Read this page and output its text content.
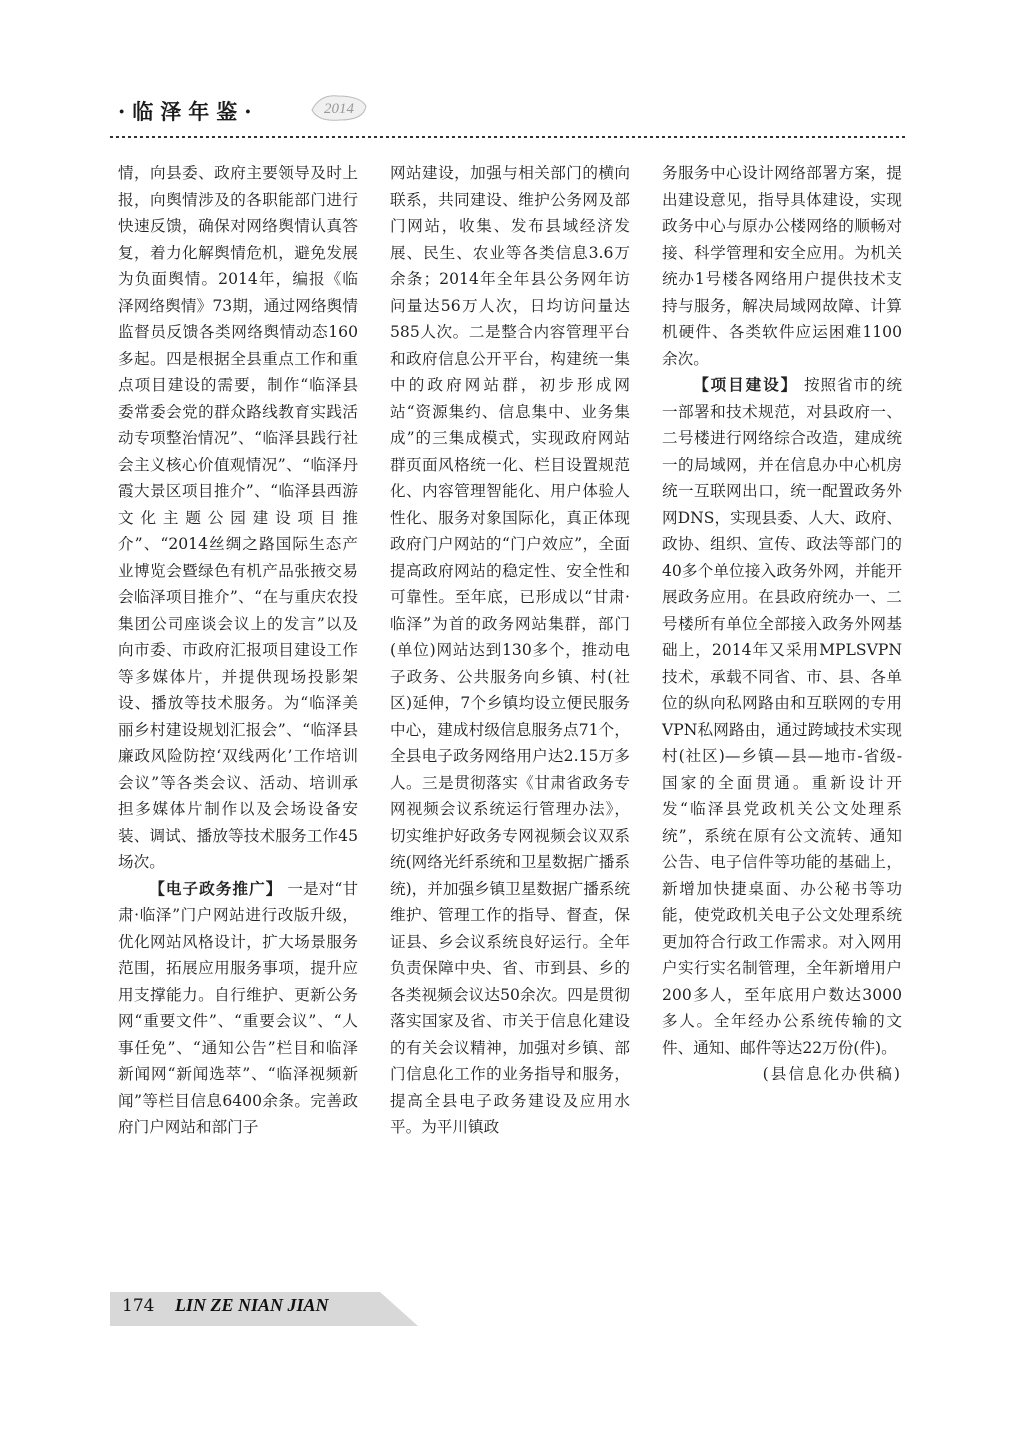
·临泽年鉴·	2014

情，向县委、政府主要领导及时上报，向舆情涉及的各职能部门进行快速反馈，确保对网络舆情认真答复，着力化解舆情危机，避免发展为负面舆情。2014年，编报《临泽网络舆情》73期，通过网络舆情监督员反馈各类网络舆情动态160多起。四是根据全县重点工作和重点项目建设的需要，制作“临泽县委常委会党的群众路线教育实践活动专项整治情况”、“临泽县践行社会主义核心价值观情况”、“临泽丹霞大景区项目推介”、“临泽县西游文化主题公园建设项目推介”、“2014丝绸之路国际生态产业博览会暨绿色有机产品张掖交易会临泽项目推介”、“在与重庆农投集团公司座谈会议上的发言”以及向市委、市政府汇报项目建设工作等多媒体片，并提供现场投影架设、播放等技术服务。为“临泽美丽乡村建设规划汇报会”、“临泽县廉政风险防控‘双线两化’工作培训会议”等各类会议、活动、培训承担多媒体片制作以及会场设备安装、调试、播放等技术服务工作45场次。

【电子政务推广】 一是对“甘肃·临泽”门户网站进行改版升级，优化网站风格设计，扩大场景服务范围，拓展应用服务事项，提升应用支撑能力。自行维护、更新公务网“重要文件”、“重要会议”、“人事任免”、“通知公告”栏目和临泽新闻网“新闻选萃”、“临泽视频新闻”等栏目信息6400余条。完善政府门户网站和部门子

网站建设，加强与相关部门的横向联系，共同建设、维护公务网及部门网站，收集、发布县域经济发展、民生、农业等各类信息3.6万余条；2014年全年县公务网年访问量达56万人次，日均访问量达585人次。二是整合内容管理平台和政府信息公开平台，构建统一集中的政府网站群，初步形成网站“资源集约、信息集中、业务集成”的三集成模式，实现政府网站群页面风格统一化、栏目设置规范化、内容管理智能化、用户体验人性化、服务对象国际化，真正体现政府门户网站的“门户效应”，全面提高政府网站的稳定性、安全性和可靠性。至年底，已形成以“甘肃·临泽”为首的政务网站集群，部门(单位)网站达到130多个，推动电子政务、公共服务向乡镇、村(社区)延伸，7个乡镇均设立便民服务中心，建成村级信息服务点71个，全县电子政务网络用户达2.15万多人。三是贯彻落实《甘肃省政务专网视频会议系统运行管理办法》，切实维护好政务专网视频会议双系统(网络光纤系统和卫星数据广播系统)，并加强乡镇卫星数据广播系统维护、管理工作的指导、督查，保证县、乡会议系统良好运行。全年负责保障中央、省、市到县、乡的各类视频会议达50余次。四是贯彻落实国家及省、市关于信息化建设的有关会议精神，加强对乡镇、部门信息化工作的业务指导和服务，提高全县电子政务建设及应用水平。为平川镇政

务服务中心设计网络部署方案，提出建设意见，指导具体建设，实现政务中心与原办公楼网络的顺畅对接、科学管理和安全应用。为机关统办1号楼各网络用户提供技术支持与服务，解决局域网故障、计算机硬件、各类软件应运困难1100余次。

【项目建设】 按照省市的统一部署和技术规范，对县政府一、二号楼进行网络综合改造，建成统一的局域网，并在信息办中心机房统一互联网出口，统一配置政务外网DNS，实现县委、人大、政府、政协、组织、宣传、政法等部门的40多个单位接入政务外网，并能开展政务应用。在县政府统办一、二号楼所有单位全部接入政务外网基础上，2014年又采用MPLSVPN技术，承载不同省、市、县、各单位的纵向私网路由和互联网的专用VPN私网路由，通过跨域技术实现村(社区)—乡镇—县—地市-省级-国家的全面贯通。重新设计开发“临泽县党政机关公文处理系统”，系统在原有公文流转、通知公告、电子信件等功能的基础上，新增加快捷桌面、办公秘书等功能，使党政机关电子公文处理系统更加符合行政工作需求。对入网用户实行实名制管理，全年新增用户200多人，至年底用户数达3000多人。全年经办公系统传输的文件、通知、邮件等达22万份(件)。

(县信息化办供稿)

174 LIN ZE NIAN JIAN
